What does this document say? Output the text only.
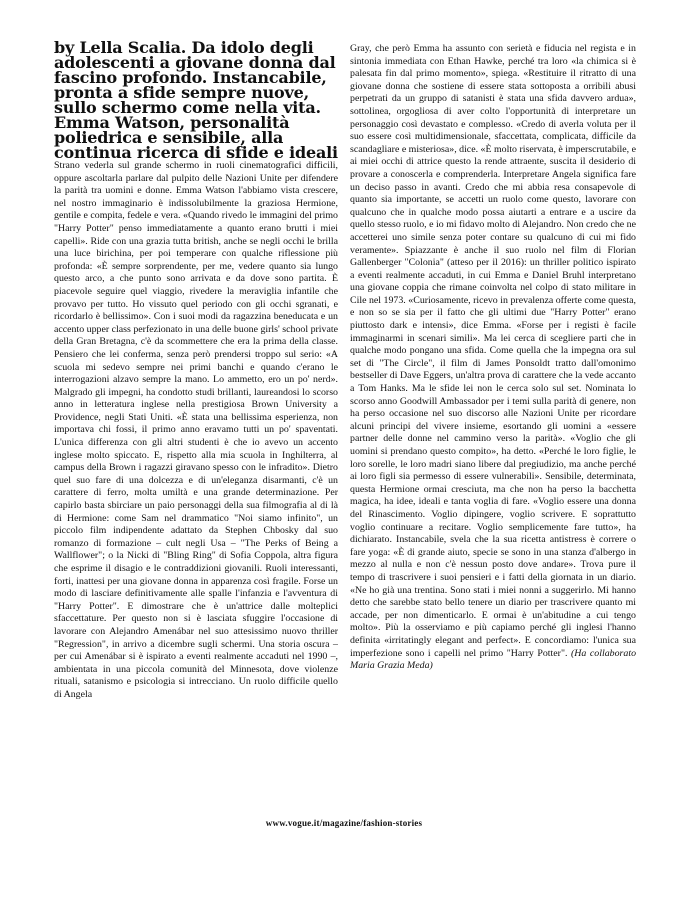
by Lella Scalia. Da idolo degli adolescenti a giovane donna dal fascino profondo. Instancabile, pronta a sfide sempre nuove, sullo schermo come nella vita. Emma Watson, personalità poliedrica e sensibile, alla continua ricerca di sfide e ideali

Strano vederla sul grande schermo in ruoli cinematografici difficili, oppure ascoltarla parlare dal pulpito delle Nazioni Unite per difendere la parità tra uomini e donne. Emma Watson l'abbiamo vista crescere, nel nostro immaginario è indissolubilmente la graziosa Hermione, gentile e compita, fedele e vera. «Quando rivedo le immagini del primo "Harry Potter" penso immediatamente a quanto erano brutti i miei capelli». Ride con una grazia tutta british, anche se negli occhi le brilla una luce birichina, per poi temperare con qualche riflessione più profonda: «È sempre sorprendente, per me, vedere quanto sia lungo questo arco, a che punto sono arrivata e da dove sono partita. È piacevole seguire quel viaggio, rivedere la meraviglia infantile che provavo per tutto. Ho vissuto quel periodo con gli occhi sgranati, e ricordarlo è bellissimo». Con i suoi modi da ragazzina beneducata e un accento upper class perfezionato in una delle buone girls' school private della Gran Bretagna, c'è da scommettere che era la prima della classe. Pensiero che lei conferma, senza però prendersi troppo sul serio: «A scuola mi sedevo sempre nei primi banchi e quando c'erano le interrogazioni alzavo sempre la mano. Lo ammetto, ero un po' nerd». Malgrado gli impegni, ha condotto studi brillanti, laureandosi lo scorso anno in letteratura inglese nella prestigiosa Brown University a Providence, negli Stati Uniti. «È stata una bellissima esperienza, non importava chi fossi, il primo anno eravamo tutti un po' spaventati. L'unica differenza con gli altri studenti è che io avevo un accento inglese molto spiccato. E, rispetto alla mia scuola in Inghilterra, al campus della Brown i ragazzi giravano spesso con le infradito». Dietro quel suo fare di una dolcezza e di un'eleganza disarmanti, c'è un carattere di ferro, molta umiltà e una grande determinazione. Per capirlo basta sbirciare un paio personaggi della sua filmografia al di là di Hermione: come Sam nel drammatico "Noi siamo infinito", un piccolo film indipendente adattato da Stephen Chbosky dal suo romanzo di formazione – cult negli Usa – "The Perks of Being a Wallflower"; o la Nicki di "Bling Ring" di Sofia Coppola, altra figura che esprime il disagio e le contraddizioni giovanili. Ruoli interessanti, forti, inattesi per una giovane donna in apparenza così fragile. Forse un modo di lasciare definitivamente alle spalle l'infanzia e l'avventura di "Harry Potter". E dimostrare che è un'attrice dalle molteplici sfaccettature. Per questo non si è lasciata sfuggire l'occasione di lavorare con Alejandro Amenábar nel suo attesissimo nuovo thriller "Regression", in arrivo a dicembre sugli schermi. Una storia oscura – per cui Amenábar si è ispirato a eventi realmente accaduti nel 1990 –, ambientata in una piccola comunità del Minnesota, dove violenze rituali, satanismo e psicologia si intrecciano. Un ruolo difficile quello di Angela

Gray, che però Emma ha assunto con serietà e fiducia nel regista e in sintonia immediata con Ethan Hawke, perché tra loro «la chimica si è palesata fin dal primo momento», spiega. «Restituire il ritratto di una giovane donna che sostiene di essere stata sottoposta a orribili abusi perpetrati da un gruppo di satanisti è stata una sfida davvero ardua», sottolinea, orgogliosa di aver colto l'opportunità di interpretare un personaggio così devastato e complesso. «Credo di averla voluta per il suo essere così multidimensionale, sfaccettata, complicata, difficile da scandagliare e misteriosa», dice. «È molto riservata, è imperscrutabile, e ai miei occhi di attrice questo la rende attraente, suscita il desiderio di provare a conoscerla e comprenderla. Interpretare Angela significa fare un deciso passo in avanti. Credo che mi abbia resa consapevole di quanto sia importante, se accetti un ruolo come questo, lavorare con qualcuno che in qualche modo possa aiutarti a entrare e a uscire da quello stesso ruolo, e io mi fidavo molto di Alejandro. Non credo che ne accetterei uno simile senza poter contare su qualcuno di cui mi fido veramente». Spiazzante è anche il suo ruolo nel film di Florian Gallenberger "Colonia" (atteso per il 2016): un thriller politico ispirato a eventi realmente accaduti, in cui Emma e Daniel Bruhl interpretano una giovane coppia che rimane coinvolta nel colpo di stato militare in Cile nel 1973. «Curiosamente, ricevo in prevalenza offerte come questa, e non so se sia per il fatto che gli ultimi due "Harry Potter" erano piuttosto dark e intensi», dice Emma. «Forse per i registi è facile immaginarmi in scenari simili». Ma lei cerca di scegliere parti che in qualche modo pongano una sfida. Come quella che la impegna ora sul set di "The Circle", il film di James Ponsoldt tratto dall'omonimo bestseller di Dave Eggers, un'altra prova di carattere che la vede accanto a Tom Hanks. Ma le sfide lei non le cerca solo sul set. Nominata lo scorso anno Goodwill Ambassador per i temi sulla parità di genere, non ha perso occasione nel suo discorso alle Nazioni Unite per ricordare alcuni principi del vivere insieme, esortando gli uomini a «essere partner delle donne nel cammino verso la parità». «Voglio che gli uomini si prendano questo compito», ha detto. «Perché le loro figlie, le loro sorelle, le loro madri siano libere dal pregiudizio, ma anche perché ai loro figli sia permesso di essere vulnerabili». Sensibile, determinata, questa Hermione ormai cresciuta, ma che non ha perso la bacchetta magica, ha idee, ideali e tanta voglia di fare. «Voglio essere una donna del Rinascimento. Voglio dipingere, voglio scrivere. E soprattutto voglio continuare a recitare. Voglio semplicemente fare tutto», ha dichiarato. Instancabile, svela che la sua ricetta antistress è correre o fare yoga: «È di grande aiuto, specie se sono in una stanza d'albergo in mezzo al nulla e non c'è nessun posto dove andare». Trova pure il tempo di trascrivere i suoi pensieri e i fatti della giornata in un diario. «Ne ho già una trentina. Sono stati i miei nonni a suggerirlo. Mi hanno detto che sarebbe stato bello tenere un diario per trascrivere quanto mi accade, per non dimenticarlo. E ormai è un'abitudine a cui tengo molto». Più la osserviamo e più capiamo perché gli inglesi l'hanno definita «irritatingly elegant and perfect». E concordiamo: l'unica sua imperfezione sono i capelli nel primo "Harry Potter". (Ha collaborato Maria Grazia Meda)

www.vogue.it/magazine/fashion-stories
